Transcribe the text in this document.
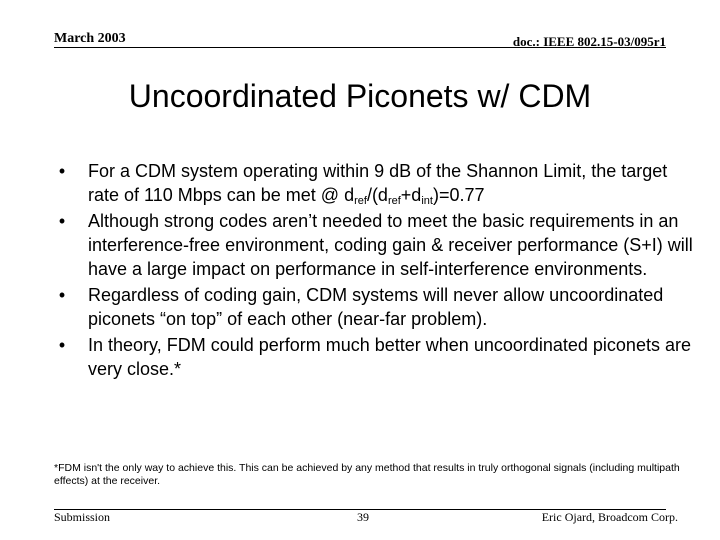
March 2003	doc.: IEEE 802.15-03/095r1
Uncoordinated Piconets w/ CDM
• For a CDM system operating within 9 dB of the Shannon Limit, the target rate of 110 Mbps can be met @ $d_{ref}/(d_{ref}+d_{int})=0.77$
• Although strong codes aren’t needed to meet the basic requirements in an interference-free environment, coding gain & receiver performance (S+I) will have a large impact on performance in self-interference environments.
• Regardless of coding gain, CDM systems will never allow uncoordinated piconets “on top” of each other (near-far problem).
• In theory, FDM could perform much better when uncoordinated piconets are very close.*
*FDM isn't the only way to achieve this. This can be achieved by any method that results in truly orthogonal signals (including multipath effects) at the receiver.
Submission	39	Eric Ojard, Broadcom Corp.
